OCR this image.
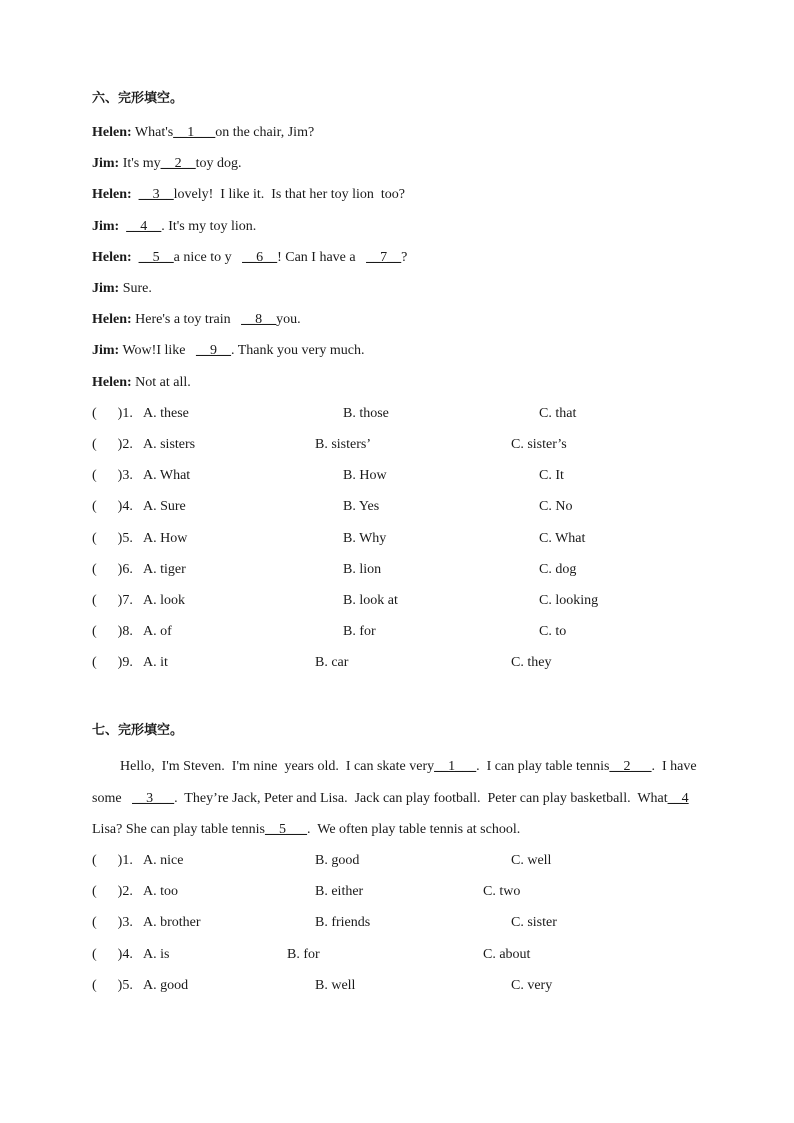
六、完形填空。
Helen: What's__1___on the chair, Jim?
Jim: It's my__2__toy dog.
Helen: __3__lovely!  I like it.  Is that her toy lion  too?
Jim: __4__. It's my toy lion.
Helen: __5__a nice to y   __6__! Can I have a   __7__?
Jim: Sure.
Helen: Here's a toy train   __8__you.
Jim: Wow!I like   __9__. Thank you very much.
Helen: Not at all.
(      )1. A. these	B. those	C. that
(      )2. A. sisters	B. sisters’	C. sister’s
(      )3. A. What	B. How	C. It
(      )4. A. Sure	B. Yes	C. No
(      )5. A. How	B. Why	C. What
(      )6. A. tiger	B. lion	C. dog
(      )7. A. look	B. look at	C. looking
(      )8. A. of	B. for	C. to
(      )9. A. it	B. car	C. they
七、完形填空。
Hello,  I'm Steven.  I'm nine  years old.  I can skate very__1___.  I can play table tennis__2___.  I have
some   __3___.  They’re Jack, Peter and Lisa.  Jack can play football.  Peter can play basketball.  What__4
Lisa? She can play table tennis__5___.  We often play table tennis at school.
(      )1. A. nice	B. good	C. well
(      )2. A. too	B. either	C. two
(      )3. A. brother	B. friends	C. sister
(      )4. A. is	B. for	C. about
(      )5. A. good	B. well	C. very
